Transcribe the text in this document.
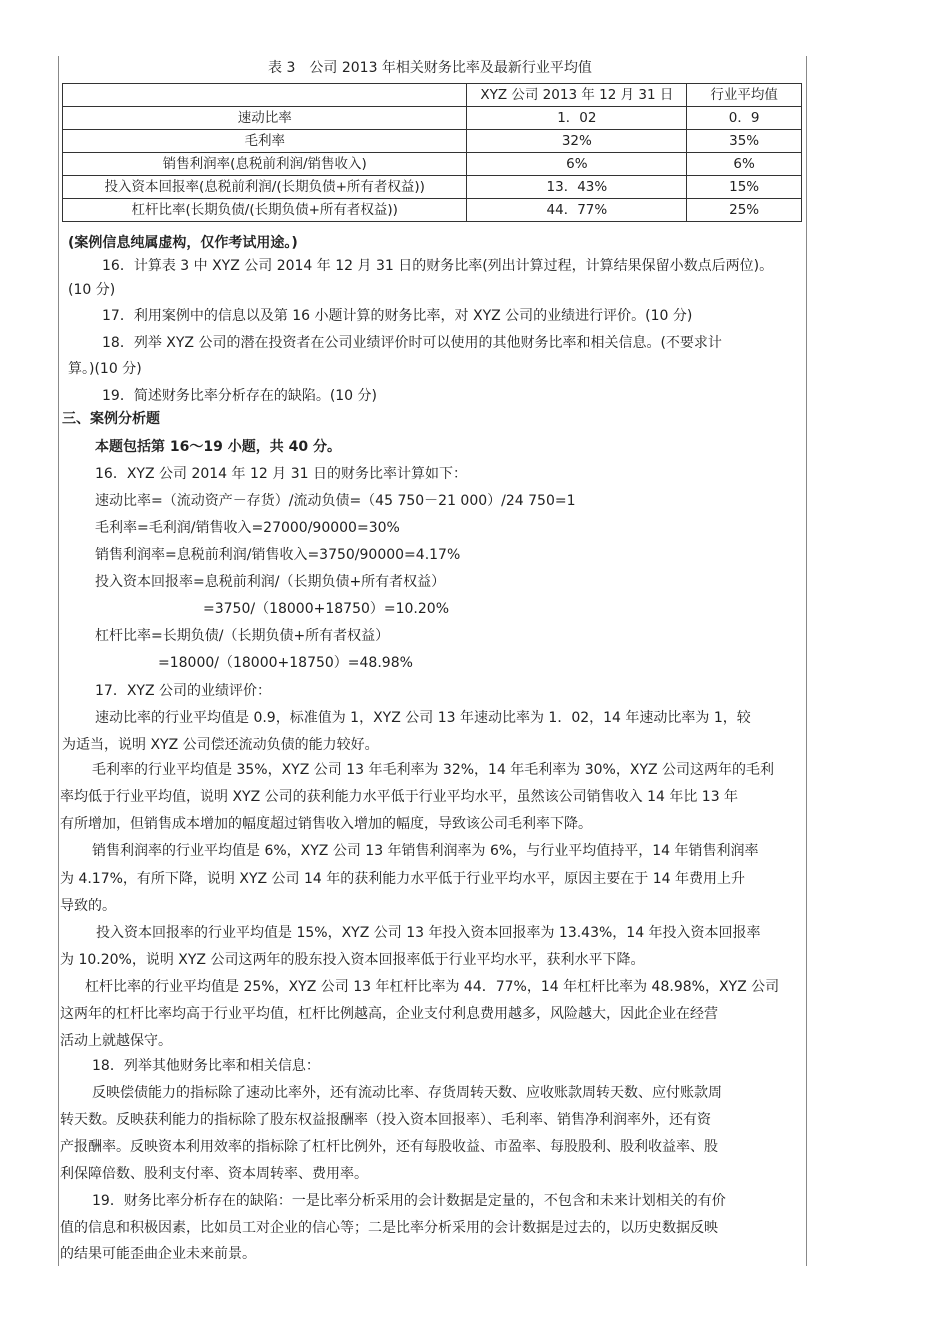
表 3　公司 2013 年相关财务比率及最新行业平均值
	XYZ 公司 2013 年 12 月 31 日	行业平均值
速动比率	1．02	0．9
毛利率	32%	35%
销售利润率(息税前利润/销售收入)	6%	6%
投入资本回报率(息税前利润/(长期负债+所有者权益))	13．43%	15%
杠杆比率(长期负债/(长期负债+所有者权益))	44．77%	25%
(案例信息纯属虚构，仅作考试用途。)
16．计算表 3 中 XYZ 公司 2014 年 12 月 31 日的财务比率(列出计算过程，计算结果保留小数点后两位)。
(10 分)
17．利用案例中的信息以及第 16 小题计算的财务比率，对 XYZ 公司的业绩进行评价。(10 分)
18．列举 XYZ 公司的潜在投资者在公司业绩评价时可以使用的其他财务比率和相关信息。(不要求计
算。)(10 分)
19．简述财务比率分析存在的缺陷。(10 分)
三、案例分析题
本题包括第 16～19 小题，共 40 分。
16．XYZ 公司 2014 年 12 月 31 日的财务比率计算如下：
速动比率=（流动资产－存货）/流动负债=（45 750－21 000）/24 750=1
毛利率=毛利润/销售收入=27000/90000=30%
销售利润率=息税前利润/销售收入=3750/90000=4.17%
投入资本回报率=息税前利润/（长期负债+所有者权益）
=3750/（18000+18750）=10.20%
杠杆比率=长期负债/（长期负债+所有者权益）
=18000/（18000+18750）=48.98%
17．XYZ 公司的业绩评价：
速动比率的行业平均值是 0.9，标准值为 1，XYZ 公司 13 年速动比率为 1．02，14 年速动比率为 1，较
为适当，说明 XYZ 公司偿还流动负债的能力较好。
毛利率的行业平均值是 35%，XYZ 公司 13 年毛利率为 32%，14 年毛利率为 30%，XYZ 公司这两年的毛利
率均低于行业平均值，说明 XYZ 公司的获利能力水平低于行业平均水平，虽然该公司销售收入 14 年比 13 年
有所增加，但销售成本增加的幅度超过销售收入增加的幅度，导致该公司毛利率下降。
销售利润率的行业平均值是 6%，XYZ 公司 13 年销售利润率为 6%，与行业平均值持平，14 年销售利润率
为 4.17%，有所下降，说明 XYZ 公司 14 年的获利能力水平低于行业平均水平，原因主要在于 14 年费用上升
导致的。
投入资本回报率的行业平均值是 15%，XYZ 公司 13 年投入资本回报率为 13.43%，14 年投入资本回报率
为 10.20%，说明 XYZ 公司这两年的股东投入资本回报率低于行业平均水平，获利水平下降。
杠杆比率的行业平均值是 25%，XYZ 公司 13 年杠杆比率为 44．77%，14 年杠杆比率为 48.98%，XYZ 公司
这两年的杠杆比率均高于行业平均值，杠杆比例越高，企业支付利息费用越多，风险越大，因此企业在经营
活动上就越保守。
18．列举其他财务比率和相关信息：
反映偿债能力的指标除了速动比率外，还有流动比率、存货周转天数、应收账款周转天数、应付账款周
转天数。反映获利能力的指标除了股东权益报酬率（投入资本回报率）、毛利率、销售净利润率外，还有资
产报酬率。反映资本利用效率的指标除了杠杆比例外，还有每股收益、市盈率、每股股利、股利收益率、股
利保障倍数、股利支付率、资本周转率、费用率。
19．财务比率分析存在的缺陷：一是比率分析采用的会计数据是定量的，不包含和未来计划相关的有价
值的信息和积极因素，比如员工对企业的信心等；二是比率分析采用的会计数据是过去的，以历史数据反映
的结果可能歪曲企业未来前景。
